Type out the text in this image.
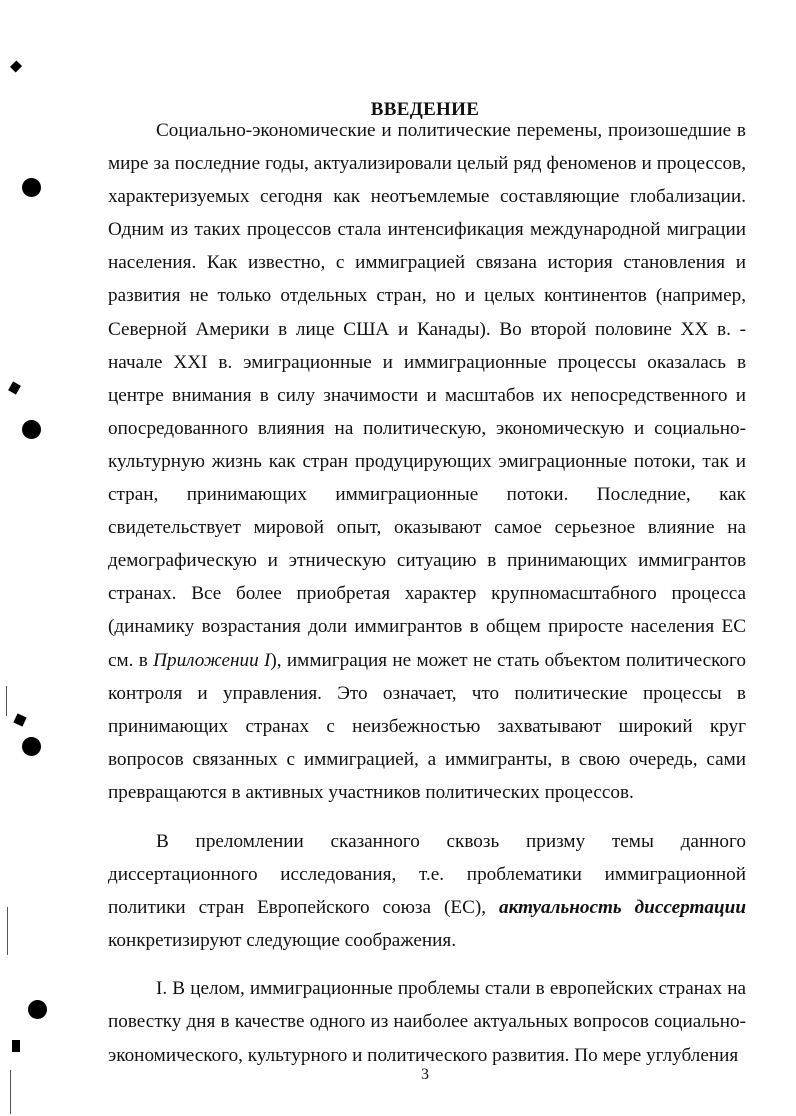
ВВЕДЕНИЕ

Социально-экономические и политические перемены, произошедшие в мире за последние годы, актуализировали целый ряд феноменов и процессов, характеризуемых сегодня как неотъемлемые составляющие глобализации. Одним из таких процессов стала интенсификация международной миграции населения. Как известно, с иммиграцией связана история становления и развития не только отдельных стран, но и целых континентов (например, Северной Америки в лице США и Канады). Во второй половине XX в. - начале XXI в. эмиграционные и иммиграционные процессы оказалась в центре внимания в силу значимости и масштабов их непосредственного и опосредованного влияния на политическую, экономическую и социально-культурную жизнь как стран продуцирующих эмиграционные потоки, так и стран, принимающих иммиграционные потоки. Последние, как свидетельствует мировой опыт, оказывают самое серьезное влияние на демографическую и этническую ситуацию в принимающих иммигрантов странах. Все более приобретая характер крупномасштабного процесса (динамику возрастания доли иммигрантов в общем приросте населения ЕС см. в Приложении I), иммиграция не может не стать объектом политического контроля и управления. Это означает, что политические процессы в принимающих странах с неизбежностью захватывают широкий круг вопросов связанных с иммиграцией, а иммигранты, в свою очередь, сами превращаются в активных участников политических процессов.

В преломлении сказанного сквозь призму темы данного диссертационного исследования, т.е. проблематики иммиграционной политики стран Европейского союза (ЕС), актуальность диссертации конкретизируют следующие соображения.

I. В целом, иммиграционные проблемы стали в европейских странах на повестку дня в качестве одного из наиболее актуальных вопросов социально-экономического, культурного и политического развития. По мере углубления

3
